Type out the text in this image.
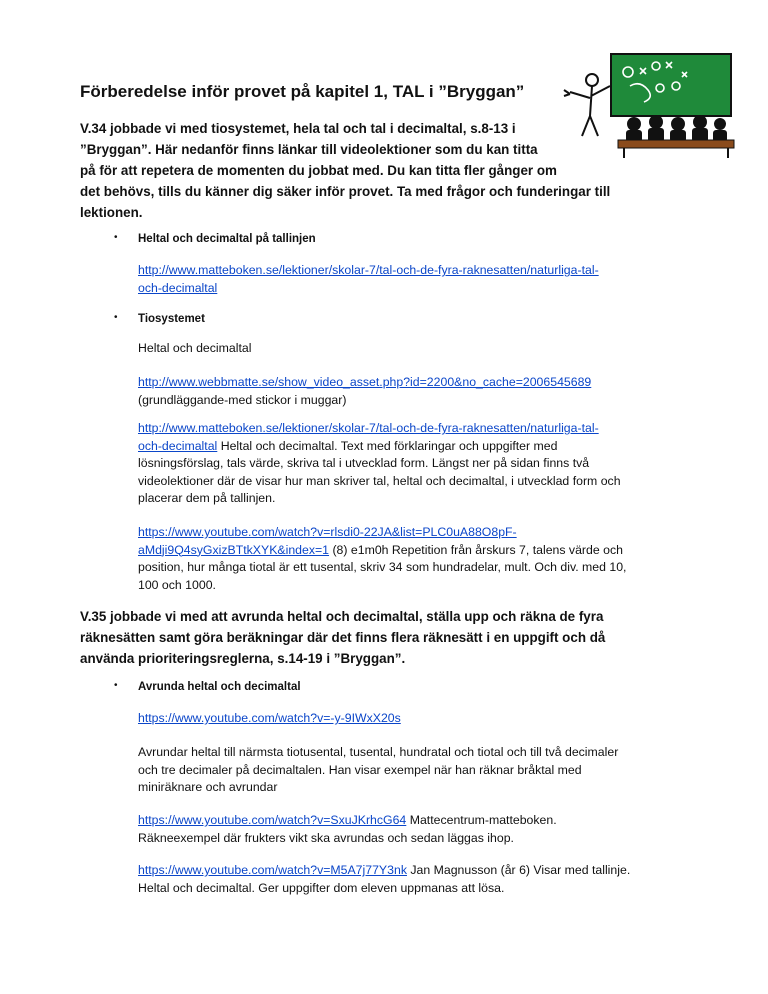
Förberedelse inför provet på kapitel 1, TAL i ”Bryggan”
V.34 jobbade vi med tiosystemet, hela tal och tal i decimaltal, s.8-13 i
”Bryggan”. Här nedanför finns länkar till videolektioner som du kan titta
på för att repetera de momenten du jobbat med. Du kan titta fler gånger om
det behövs, tills du känner dig säker inför provet. Ta med frågor och funderingar till
lektionen.
• Heltal och decimaltal på tallinjen
http://www.matteboken.se/lektioner/skolar-7/tal-och-de-fyra-raknesatten/naturliga-tal-
och-decimaltal
• Tiosystemet
Heltal och decimaltal
http://www.webbmatte.se/show_video_asset.php?id=2200&no_cache=2006545689
(grundläggande-med stickor i muggar)
http://www.matteboken.se/lektioner/skolar-7/tal-och-de-fyra-raknesatten/naturliga-tal-
och-decimaltal Heltal och decimaltal. Text med förklaringar och uppgifter med
lösningsförslag, tals värde, skriva tal i utvecklad form. Längst ner på sidan finns två
videolektioner där de visar hur man skriver tal, heltal och decimaltal, i utvecklad form och
placerar dem på tallinjen.
https://www.youtube.com/watch?v=rlsdi0-22JA&list=PLC0uA88O8pF-
aMdji9Q4syGxizBTtkXYK&index=1 (8) e1m0h Repetition från årskurs 7, talens värde och
position, hur många tiotal är ett tusental, skriv 34 som hundradelar, mult. Och div. med 10,
100 och 1000.
V.35 jobbade vi med att avrunda heltal och decimaltal, ställa upp och räkna de fyra
räknesätten samt göra beräkningar där det finns flera räknesätt i en uppgift och då
använda prioriteringsreglerna, s.14-19 i ”Bryggan”.
• Avrunda heltal och decimaltal
https://www.youtube.com/watch?v=-y-9IWxX20s
Avrundar heltal till närmsta tiotusental, tusental, hundratal och tiotal och till två decimaler
och tre decimaler på decimaltalen. Han visar exempel när han räknar bråktal med
miniräknare och avrundar
https://www.youtube.com/watch?v=SxuJKrhcG64 Mattecentrum-matteboken.
Räkneexempel där frukters vikt ska avrundas och sedan läggas ihop.
https://www.youtube.com/watch?v=M5A7j77Y3nk Jan Magnusson (år 6) Visar med tallinje.
Heltal och decimaltal. Ger uppgifter dom eleven uppmanas att lösa.
